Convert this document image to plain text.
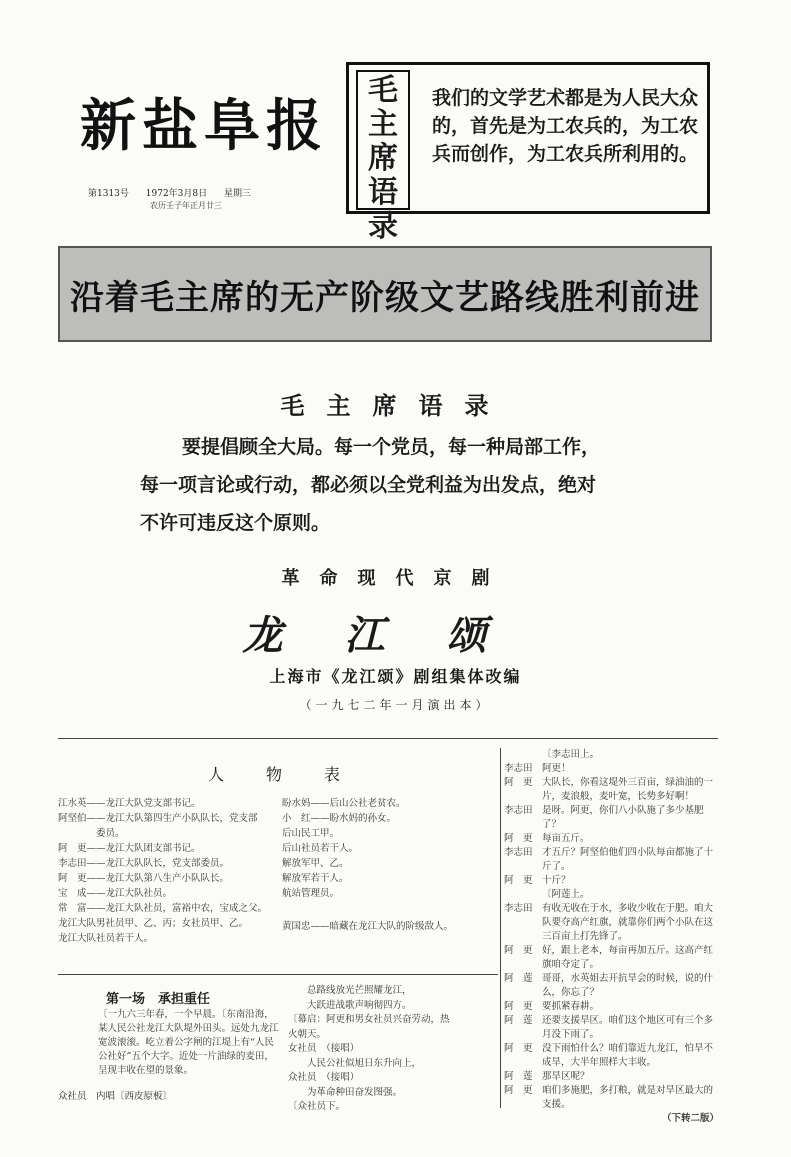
新盐阜报
第1313号 1972年3月8日 星期三
农历壬子年正月廿三
毛主席语录
我们的文学艺术都是为人民大众的，首先是为工农兵的，为工农兵而创作，为工农兵所利用的。
沿着毛主席的无产阶级文艺路线胜利前进
毛主席语录
要提倡顾全大局。每一个党员，每一种局部工作，
每一项言论或行动，都必须以全党利益为出发点，绝对
不许可违反这个原则。
革命现代京剧
龙江颂
上海市《龙江颂》剧组集体改编
（一九七二年一月演出本）
人物表
江水英——龙江大队党支部书记。
阿坚伯——龙江大队第四生产小队队长，党支部
　　　　委员。
阿　更——龙江大队团支部书记。
李志田——龙江大队队长，党支部委员。
阿　更——龙江大队第八生产小队队长。
宝　成——龙江大队社员。
常　富——龙江大队社员，富裕中农，宝成之父。
龙江大队男社员甲、乙、丙；女社员甲、乙。
龙江大队社员若干人。
盼水妈——后山公社老贫农。
小　红——盼水妈的孙女。
后山民工甲。
后山社员若干人。
解放军甲、乙。
解放军若干人。
航站管理员。
黄国忠——暗藏在龙江大队的阶级敌人。
第一场　承担重任
〔一九六三年春，一个早晨。〔东南沿海，某人民公社龙江大队堤外田头。远处九龙江宽波滚滚。屹立着公字闸的江堤上有“人民公社好”五个大字。近处一片油绿的麦田，呈现丰收在望的景象。
众社员　内唱〔西皮原板〕
　　总路线放光芒照耀龙江，
　　大跃进战歌声响彻四方。
〔幕启：阿更和男女社员兴奋劳动，热
火朝天。
女社员　（接唱）
　　人民公社似旭日东升向上，
众社员　（接唱）
　　为革命种田奋发图强。
〔众社员下。
〔李志田上。
李志田 阿更！
阿　更 大队长，你看这堤外三百亩，绿油油的一片，麦浪般，麦叶宽，长势多好啊！
李志田 是呀。阿更，你们八小队施了多少基肥了？
阿　更 每亩五斤。
李志田 才五斤？阿坚伯他们四小队每亩都施了十斤了。
阿　更 十斤？
〔阿莲上。
李志田 有收无收在于水，多收少收在于肥。咱大队要夺高产红旗，就靠你们两个小队在这三百亩上打先锋了。
阿　更 好，跟上老本，每亩再加五斤。这高产红旗咱夺定了。
阿　莲 哥哥，水英姐去开抗旱会的时候，说的什么，你忘了？
阿　更 要抓紧春耕。
阿　莲 还要支援旱区。咱们这个地区可有三个多月没下雨了。
阿　更 没下雨怕什么？咱们靠近九龙江，怕旱不成旱，大半年照样大丰收。
阿　莲 那旱区呢？
阿　更 咱们多施肥，多打粮，就是对旱区最大的支援。
（下转二版）
